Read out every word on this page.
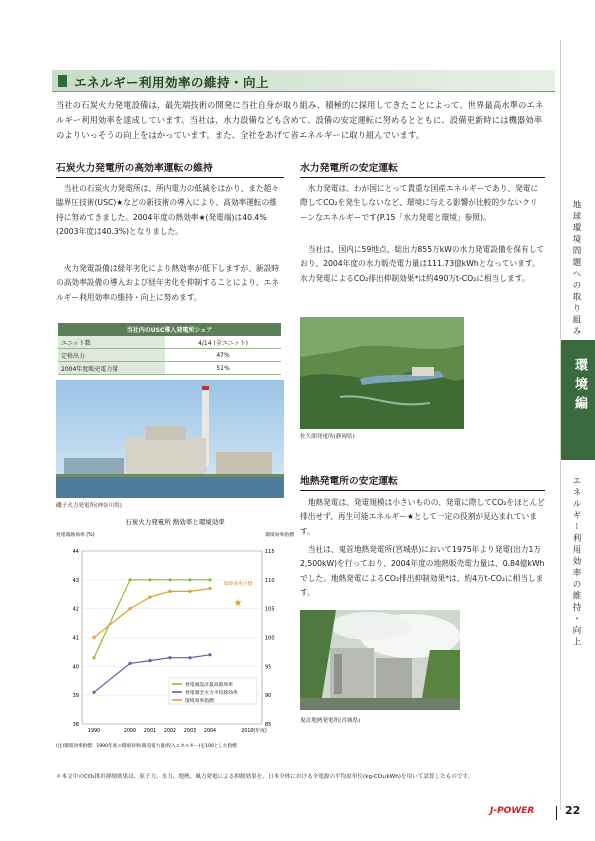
エネルギー利用効率の維持・向上

当社の石炭火力発電設備は、最先端技術の開発に当社自身が取り組み、積極的に採用してきたことによって、世界最高水準のエネルギー利用効率を達成しています。当社は、水力設備なども含めて、設備の安定運転に努めるとともに、設備更新時には機器効率のよりいっそうの向上をはかっています。また、全社をあげて省エネルギーに取り組んでいます。

石炭火力発電所の高効率運転の維持

当社の石炭火力発電所は、所内電力の低減をはかり、また超々臨界圧技術(USC)★などの新技術の導入により、高効率運転の維持に努めてきました。2004年度の熱効率★(発電端)は40.4%(2003年度は40.3%)となりました。

火力発電設備は経年劣化により熱効率が低下しますが、新設時の高効率設備の導入および経年劣化を抑制することにより、エネルギー利用効率の維持・向上に努めます。

当社内のUSC導入発電所シェア	
ユニット数	4/14 (全ユニット)
定格出力	47%
2004年度販売電力量	51%
磯子火力発電所(神奈川県)
石炭火力発電所 熱効率と環境効率
発電端熱効率 (%)	環境効率指標
44
43
42
41
40
39
38
115
110
105
100
95
90
85
1990	2000 2001 2002 2003 2004	2010(年度)
★
環境効率目標
発電端設計最高熱効率
発電端全火力平均熱効率
環境効率指標
(注)環境効率指標：1990年度の環境効率(販売電力量/投入エネルギー)を100とした指標
水力発電所の安定運転

水力発電は、わが国にとって貴重な国産エネルギーであり、発電に際してCO₂を発生しないなど、環境に与える影響が比較的少ないクリーンなエネルギーです(P.15「水力発電と環境」参照)。

当社は、国内に59地点、総出力855万kWの水力発電設備を保有しており、2004年度の水力販売電力量は111.73億kWhとなっています。水力発電によるCO₂排出抑制効果*は約490万t-CO₂に相当します。

佐久間発電所(静岡県)
地熱発電所の安定運転

地熱発電は、発電規模は小さいものの、発電に際してCO₂をほとんど排出せず、再生可能エネルギー★として一定の役割が見込まれています。

当社は、鬼首地熱発電所(宮城県)において1975年より発電(出力1万2,500kW)を行っており、2004年度の地熱販売電力量は、0.84億kWhでした。地熱発電によるCO₂排出抑制効果*は、約4万t-CO₂に相当します。

鬼首地熱発電所(宮城県)
地球環境問題への取り組み
環境編
エネルギー利用効率の維持・向上
＊本文中のCO₂排出抑制効果は、原子力、水力、地熱、風力発電による抑制効果を、日本全体における全電源の平均原単位(kg-CO₂/kWh)を用いて試算したものです。
J-POWER	22
